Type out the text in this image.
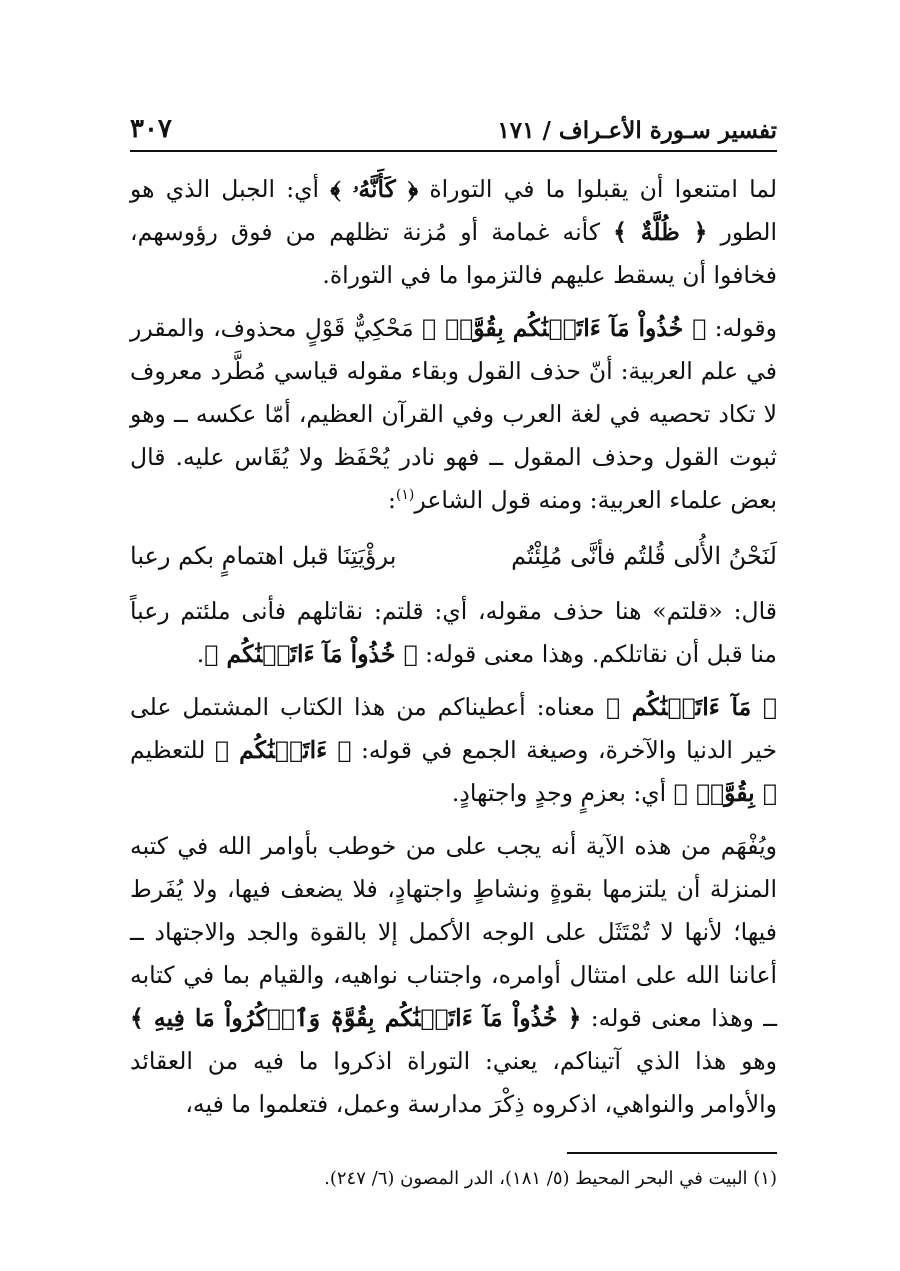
تفسير سـورة الأعـراف / ١٧١
٣٠٧

لما امتنعوا أن يقبلوا ما في التوراة ﴿ كَأَنَّهُۥ ﴾ أي: الجبل الذي هو الطور ﴿ ظُلَّةٌ ﴾ كأنه غمامة أو مُزنة تظلهم من فوق رؤوسهم، فخافوا أن يسقط عليهم فالتزموا ما في التوراة.

وقوله: ﴿ خُذُواْ مَآ ءَاتَيۡنَٰكُم بِقُوَّةٖ ﴾ مَحْكِيٌّ قَوْلٍ محذوف، والمقرر في علم العربية: أنّ حذف القول وبقاء مقوله قياسي مُطَّرد معروف لا تكاد تحصيه في لغة العرب وفي القرآن العظيم، أمّا عكسه ــ وهو ثبوت القول وحذف المقول ــ فهو نادر يُحْفَظ ولا يُقَاس عليه. قال بعض علماء العربية: ومنه قول الشاعر$^{(١)}$:

لَنَحْنُ الأُلى قُلتُم فأنَّى مُلِئْتُم
برؤْيَتِنَا قبل اهتمامٍ بكم رعبا

قال: «قلتم» هنا حذف مقوله، أي: قلتم: نقاتلهم فأنى ملئتم رعباً منا قبل أن نقاتلكم. وهذا معنى قوله: ﴿ خُذُواْ مَآ ءَاتَيۡنَٰكُم ﴾.

﴿ مَآ ءَاتَيۡنَٰكُم ﴾ معناه: أعطيناكم من هذا الكتاب المشتمل على خير الدنيا والآخرة، وصيغة الجمع في قوله: ﴿ ءَاتَيۡنَٰكُم ﴾ للتعظيم ﴿ بِقُوَّةٖ ﴾ أي: بعزمٍ وجدٍ واجتهادٍ.

ويُفْهَم من هذه الآية أنه يجب على من خوطب بأوامر الله في كتبه المنزلة أن يلتزمها بقوةٍ ونشاطٍ واجتهادٍ، فلا يضعف فيها، ولا يُفَرط فيها؛ لأنها لا تُمْتَثَل على الوجه الأكمل إلا بالقوة والجد والاجتهاد ــ أعاننا الله على امتثال أوامره، واجتناب نواهيه، والقيام بما في كتابه ــ وهذا معنى قوله: ﴿ خُذُواْ مَآ ءَاتَيۡنَٰكُم بِقُوَّةٖ وَٱذۡكُرُواْ مَا فِيهِ ﴾ وهو هذا الذي آتيناكم، يعني: التوراة اذكروا ما فيه من العقائد والأوامر والنواهي، اذكروه ذِكْرَ مدارسة وعمل، فتعلموا ما فيه،

(١) البيت في البحر المحيط (٥/ ١٨١)، الدر المصون (٦/ ٢٤٧).
